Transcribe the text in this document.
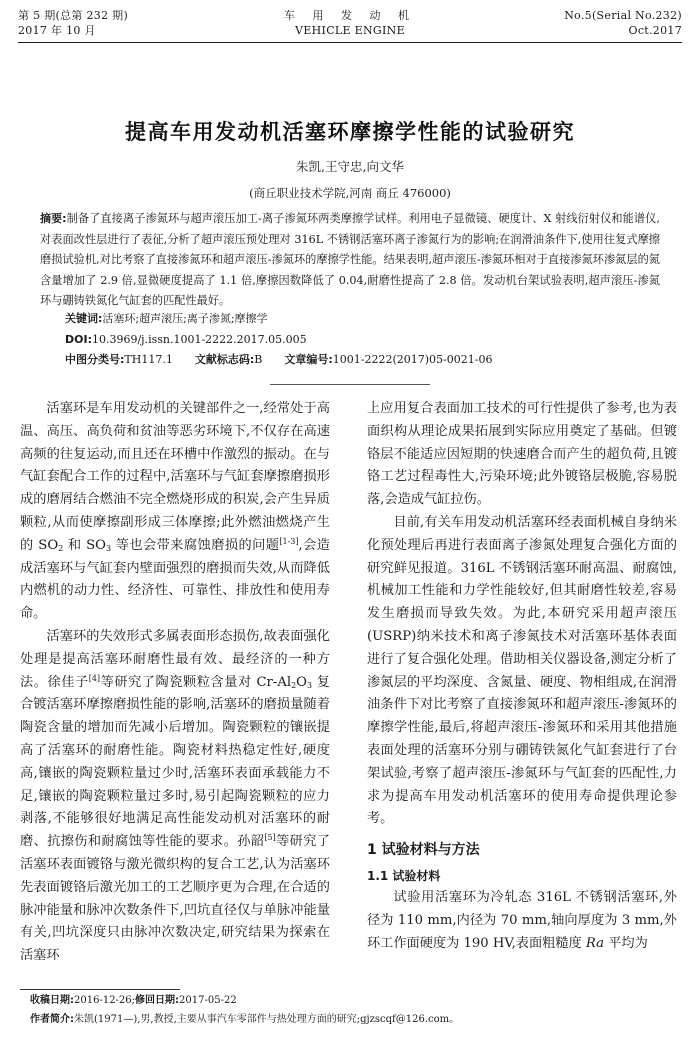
第 5 期(总第 232 期)
2017 年 10 月
车 用 发 动 机
VEHICLE ENGINE
No.5(Serial No.232)
Oct.2017
提高车用发动机活塞环摩擦学性能的试验研究
朱凯,王守忠,向文华
(商丘职业技术学院,河南 商丘 476000)
摘要:制备了直接离子渗氮环与超声滚压加工-离子渗氮环两类摩擦学试样。利用电子显微镜、硬度计、X 射线衍射仪和能谱仪,对表面改性层进行了表征,分析了超声滚压预处理对 316L 不锈钢活塞环离子渗氮行为的影响;在润滑油条件下,使用往复式摩擦磨损试验机,对比考察了直接渗氮环和超声滚压-渗氮环的摩擦学性能。结果表明,超声滚压-渗氮环相对于直接渗氮环渗氮层的氮含量增加了 2.9 倍,显微硬度提高了 1.1 倍,摩擦因数降低了 0.04,耐磨性提高了 2.8 倍。发动机台架试验表明,超声滚压-渗氮环与硼铸铁氮化气缸套的匹配性最好。
关键词:活塞环;超声滚压;离子渗氮;摩擦学
DOI:10.3969/j.issn.1001-2222.2017.05.005
中图分类号:TH117.1 文献标志码:B 文章编号:1001-2222(2017)05-0021-06

活塞环是车用发动机的关键部件之一,经常处于高温、高压、高负荷和贫油等恶劣环境下,不仅存在高速高频的往复运动,而且还在环槽中作激烈的振动。在与气缸套配合工作的过程中,活塞环与气缸套摩擦磨损形成的磨屑结合燃油不完全燃烧形成的积炭,会产生异质颗粒,从而使摩擦副形成三体摩擦;此外燃油燃烧产生的 $SO_2$ 和 $SO_3$ 等也会带来腐蚀磨损的问题[1-3],会造成活塞环与气缸套内壁面强烈的磨损而失效,从而降低内燃机的动力性、经济性、可靠性、排放性和使用寿命。

活塞环的失效形式多属表面形态损伤,故表面强化处理是提高活塞环耐磨性最有效、最经济的一种方法。徐佳子[4]等研究了陶瓷颗粒含量对 $Cr-Al_2O_3$ 复合镀活塞环摩擦磨损性能的影响,活塞环的磨损量随着陶瓷含量的增加而先减小后增加。陶瓷颗粒的镶嵌提高了活塞环的耐磨性能。陶瓷材料热稳定性好,硬度高,镶嵌的陶瓷颗粒量过少时,活塞环表面承载能力不足,镶嵌的陶瓷颗粒量过多时,易引起陶瓷颗粒的应力剥落,不能够很好地满足高性能发动机对活塞环的耐磨、抗擦伤和耐腐蚀等性能的要求。孙韶[5]等研究了活塞环表面镀铬与激光微织构的复合工艺,认为活塞环先表面镀铬后激光加工的工艺顺序更为合理,在合适的脉冲能量和脉冲次数条件下,凹坑直径仅与单脉冲能量有关,凹坑深度只由脉冲次数决定,研究结果为探索在活塞环

上应用复合表面加工技术的可行性提供了参考,也为表面织构从理论成果拓展到实际应用奠定了基础。但镀铬层不能适应因短期的快速磨合而产生的超负荷,且镀铬工艺过程毒性大,污染环境;此外镀铬层极脆,容易脱落,会造成气缸拉伤。

目前,有关车用发动机活塞环经表面机械自身纳米化预处理后再进行表面离子渗氮处理复合强化方面的研究鲜见报道。316L 不锈钢活塞环耐高温、耐腐蚀,机械加工性能和力学性能较好,但其耐磨性较差,容易发生磨损而导致失效。为此,本研究采用超声滚压(USRP)纳米技术和离子渗氮技术对活塞环基体表面进行了复合强化处理。借助相关仪器设备,测定分析了渗氮层的平均深度、含氮量、硬度、物相组成,在润滑油条件下对比考察了直接渗氮环和超声滚压-渗氮环的摩擦学性能,最后,将超声滚压-渗氮环和采用其他措施表面处理的活塞环分别与硼铸铁氮化气缸套进行了台架试验,考察了超声滚压-渗氮环与气缸套的匹配性,力求为提高车用发动机活塞环的使用寿命提供理论参考。

1 试验材料与方法
1.1 试验材料

试验用活塞环为冷轧态 316L 不锈钢活塞环,外径为 110 mm,内径为 70 mm,轴向厚度为 3 mm,外环工作面硬度为 190 HV,表面粗糙度 Ra 平均为

收稿日期:2016-12-26;修回日期:2017-05-22
作者简介:朱凯(1971—),男,教授,主要从事汽车零部件与热处理方面的研究;gjzscqf@126.com。
